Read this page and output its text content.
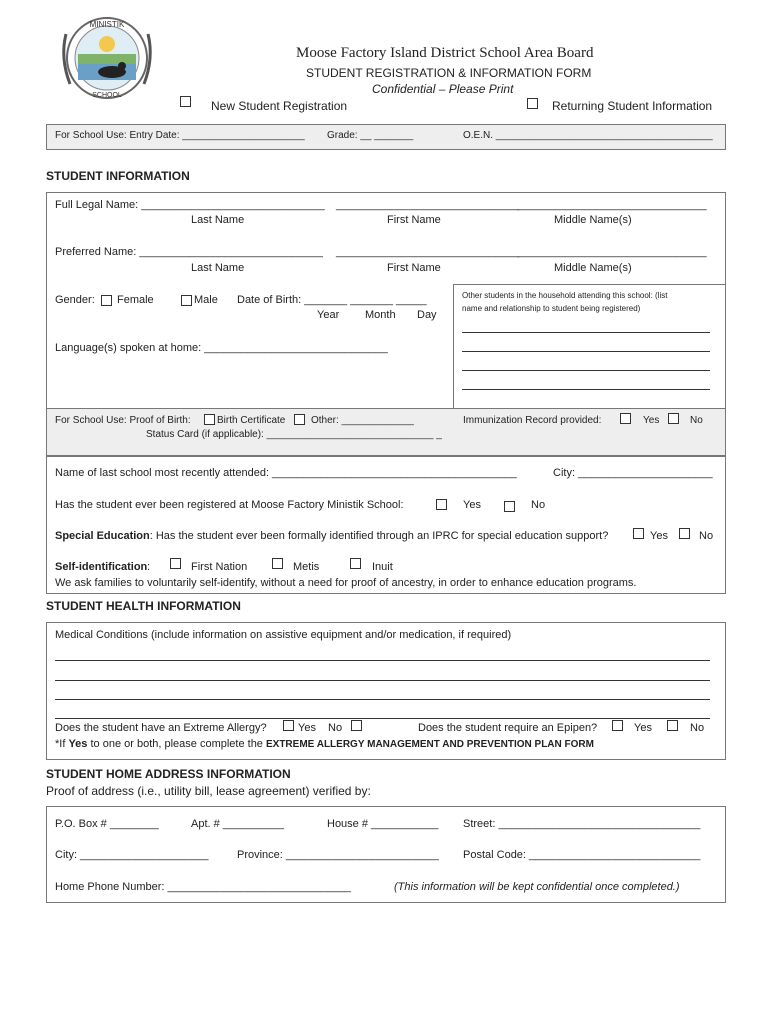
MINISTIK
SCHOOL
Moose Factory Island District School Area Board
STUDENT REGISTRATION & INFORMATION FORM
Confidential – Please Print
New Student Registration	Returning Student Information
For School Use: Entry Date: ______________________ Grade: __ _______	O.E.N. _______________________________________
STUDENT INFORMATION
Full Legal Name: ______________________________ ______________________________
_______________________________
Last Name	First Name	Middle Name(s)
Preferred Name: ______________________________ ______________________________
_______________________________
Last Name	First Name	Middle Name(s)
Gender: Female	Male Date of Birth: _______ _______ _____
Year Month Day
Language(s) spoken at home: ______________________________
Other students in the household attending this school: (list
name and relationship to student being registered)
For School Use: Proof of Birth:	Birth Certificate	Other: _____________
Status Card (if applicable): ______________________________ _
Immunization Record provided:	Yes	No
Name of last school most recently attended: ________________________________________	City: ______________________
Has the student ever been registered at Moose Factory Ministik School:	Yes	No
Special Education: Has the student ever been formally identified through an IPRC for special education support?	Yes	No
Self-identification :	First Nation	Metis	Inuit
We ask families to voluntarily self-identify, without a need for proof of ancestry, in order to enhance education programs.
STUDENT HEALTH INFORMATION
Medical Conditions (include information on assistive equipment and/or medication, if required)
Does the student have an Extreme Allergy?	Yes No	Does the student require an Epipen?	Yes	No
*If Yes to one or both, please complete the EXTREME ALLERGY MANAGEMENT AND PREVENTION PLAN FORM
STUDENT HOME ADDRESS INFORMATION
Proof of address (i.e., utility bill, lease agreement) verified by:
P.O. Box # ________	Apt. # __________	House # ___________ Street: _________________________________
City: _____________________	Province: _________________________ Postal Code: ____________________________
Home Phone Number: ______________________________	(This information will be kept confidential once completed.)
